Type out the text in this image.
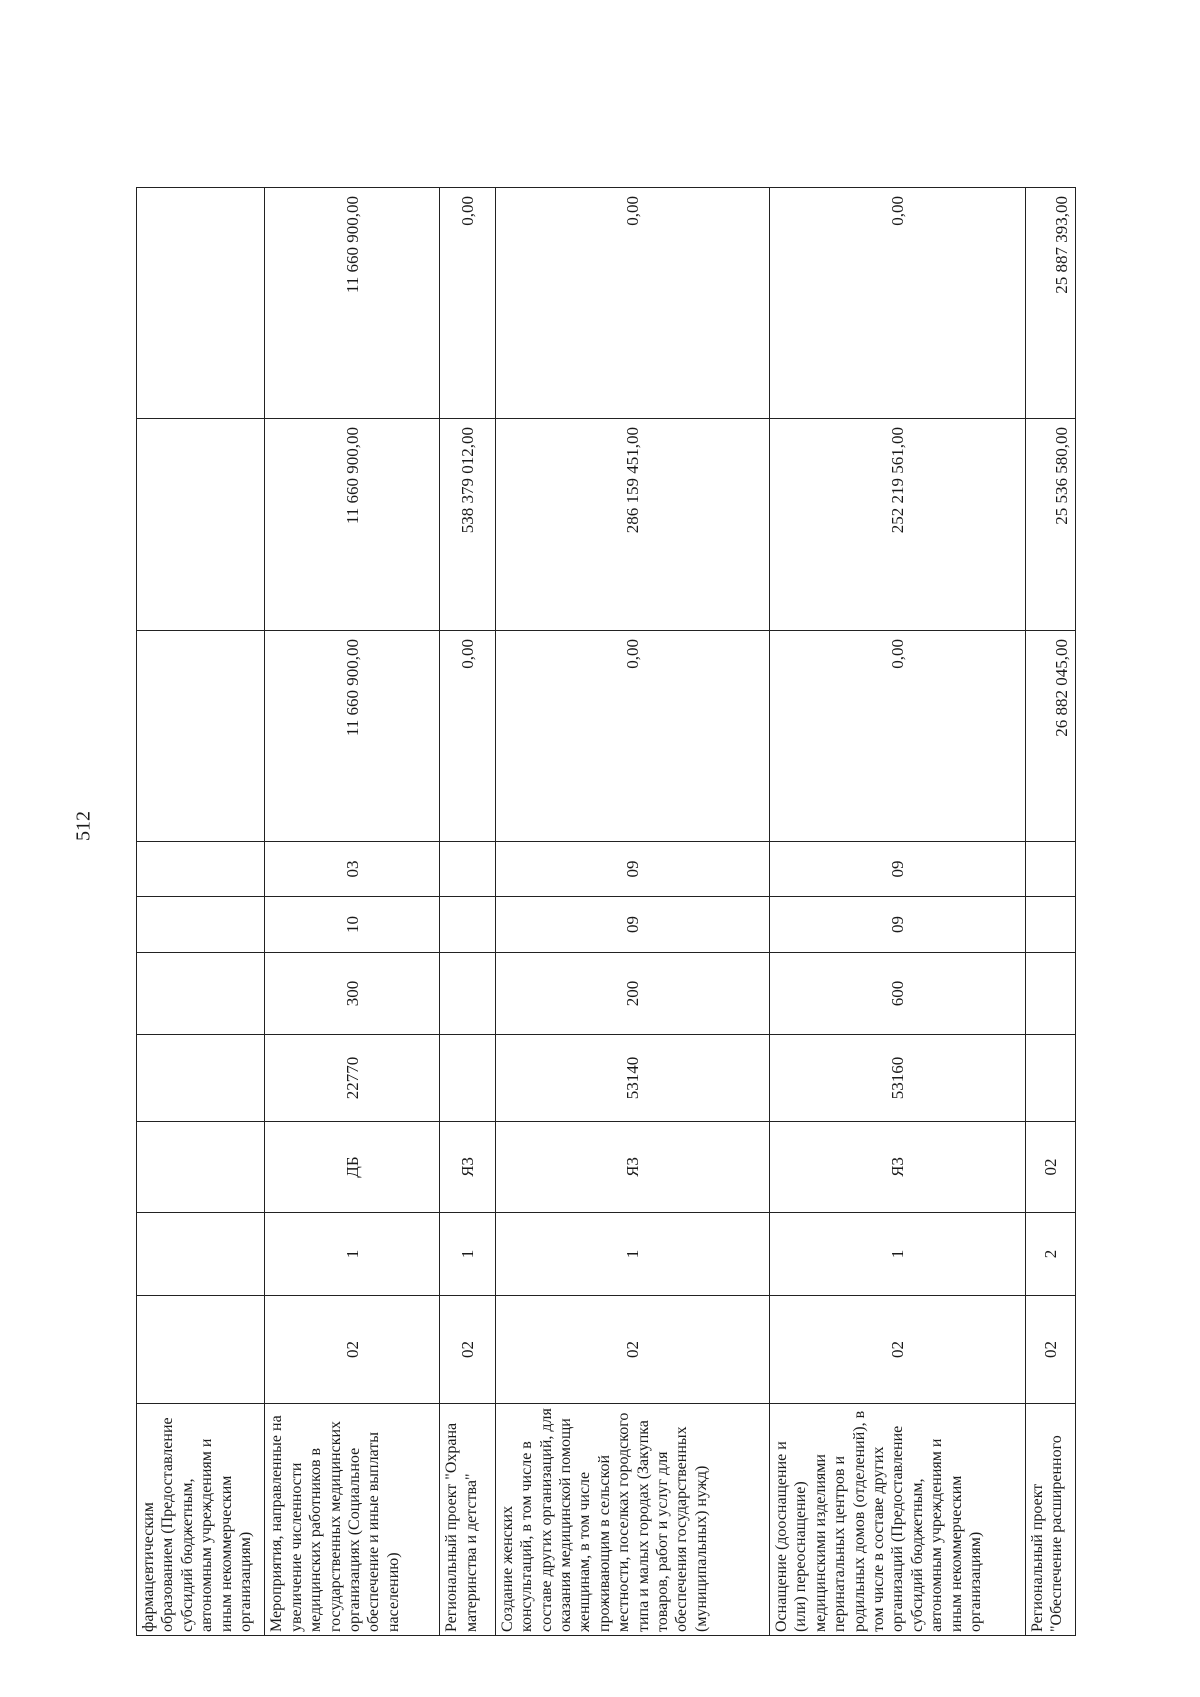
512
фармацевтическим образованием (Предоставление субсидий бюджетным, автономным учреждениям и иным некоммерческим организациям)										
Мероприятия, направленные на увеличение численности медицинских работников в государственных медицинских организациях (Социальное обеспечение и иные выплаты населению)	02	1	ДБ	22770	300	10	03	11 660 900,00	11 660 900,00	11 660 900,00
Региональный проект "Охрана материнства и детства"	02	1	Я3					0,00	538 379 012,00	0,00
Создание женских консультаций, в том числе в составе других организаций, для оказания медицинской помощи женщинам, в том числе проживающим в сельской местности, поселках городского типа и малых городах (Закупка товаров, работ и услуг для обеспечения государственных (муниципальных) нужд)	02	1	Я3	53140	200	09	09	0,00	286 159 451,00	0,00
Оснащение (дооснащение и (или) переоснащение) медицинскими изделиями перинатальных центров и родильных домов (отделений), в том числе в составе других организаций (Предоставление субсидий бюджетным, автономным учреждениям и иным некоммерческим организациям)	02	1	Я3	53160	600	09	09	0,00	252 219 561,00	0,00
Региональный проект "Обеспечение расширенного	02	2	02					26 882 045,00	25 536 580,00	25 887 393,00
